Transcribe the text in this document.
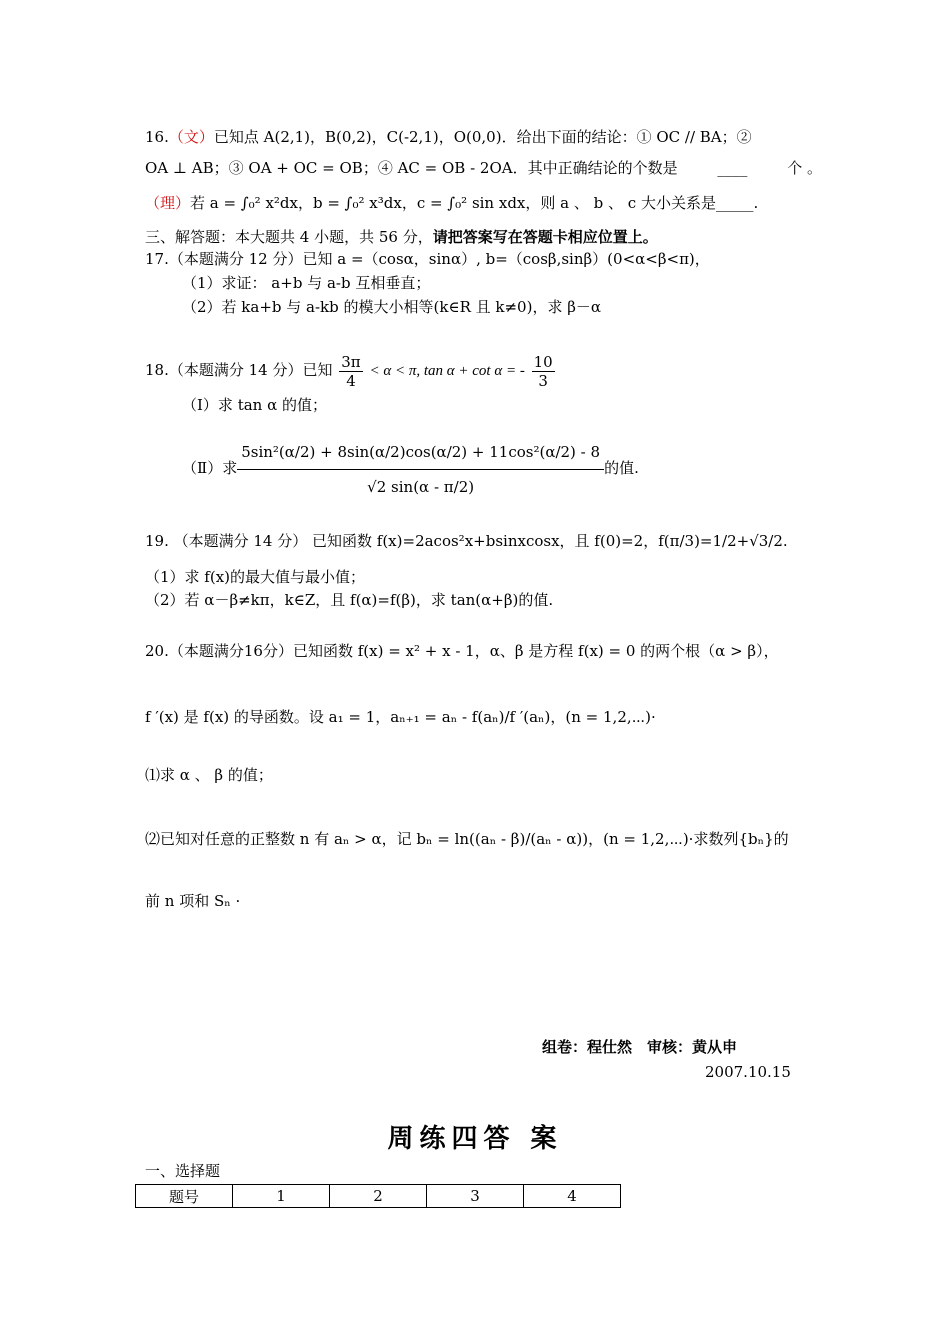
16.（文）已知点 A(2,1)，B(0,2)，C(-2,1)，O(0,0)．给出下面的结论：① OC // BA；②
OA ⊥ AB；③ OA + OC = OB；④ AC = OB - 2OA．其中正确结论的个数是	____	个 。
（理）若 a = ∫₀² x²dx，b = ∫₀² x³dx，c = ∫₀² sin xdx，则 a 、 b 、 c 大小关系是_____.
三、解答题：本大题共 4 小题，共 56 分，请把答案写在答题卡相应位置上。
17.（本题满分 12 分）已知 a =（cosα，sinα）, b=（cosβ,sinβ）(0<α<β<π)，
（1）求证： a+b 与 a-b 互相垂直；
（2）若 ka+b 与 a-kb 的模大小相等(k∈R 且 k≠0)，求 β－α
18.（本题满分 14 分）已知 $\frac{3\pi}{4} < \alpha < \pi$, tan α + cot α = - $\frac{10}{3}$
（Ⅰ）求 tan α 的值；
（Ⅱ）求 $\frac{\text{5sin²(α/2) + 8sin(α/2)cos(α/2) + 11cos²(α/2) - 8}}{√2 \sin(\alpha - \pi/2)}$ 的值.
19. （本题满分 14 分） 已知函数 f(x)=2acos²x+bsinxcosx，且 f(0)=2，f(π/3)=1/2+√3/2.
（1）求 f(x)的最大值与最小值；
（2）若 α－β≠kπ，k∈Z，且 f(α)=f(β)，求 tan(α+β)的值.
20.（本题满分16分）已知函数 f(x) = x² + x - 1，α、β 是方程 f(x) = 0 的两个根（α > β），
f ′(x) 是 f(x) 的导函数。设 a₁ = 1，aₙ₊₁ = aₙ - f(aₙ)/f ′(aₙ)，(n = 1,2,⋯)·
⑴求 α 、 β 的值；
⑵已知对任意的正整数 n 有 aₙ > α，记 bₙ = ln((aₙ - β)/(aₙ - α))，(n = 1,2,⋯)·求数列{bₙ}的
前 n 项和 Sₙ ·
组卷：程仕然　审核：黄从申
2007.10.15
周练四答 案
一、选择题
题号	1	2	3	4
